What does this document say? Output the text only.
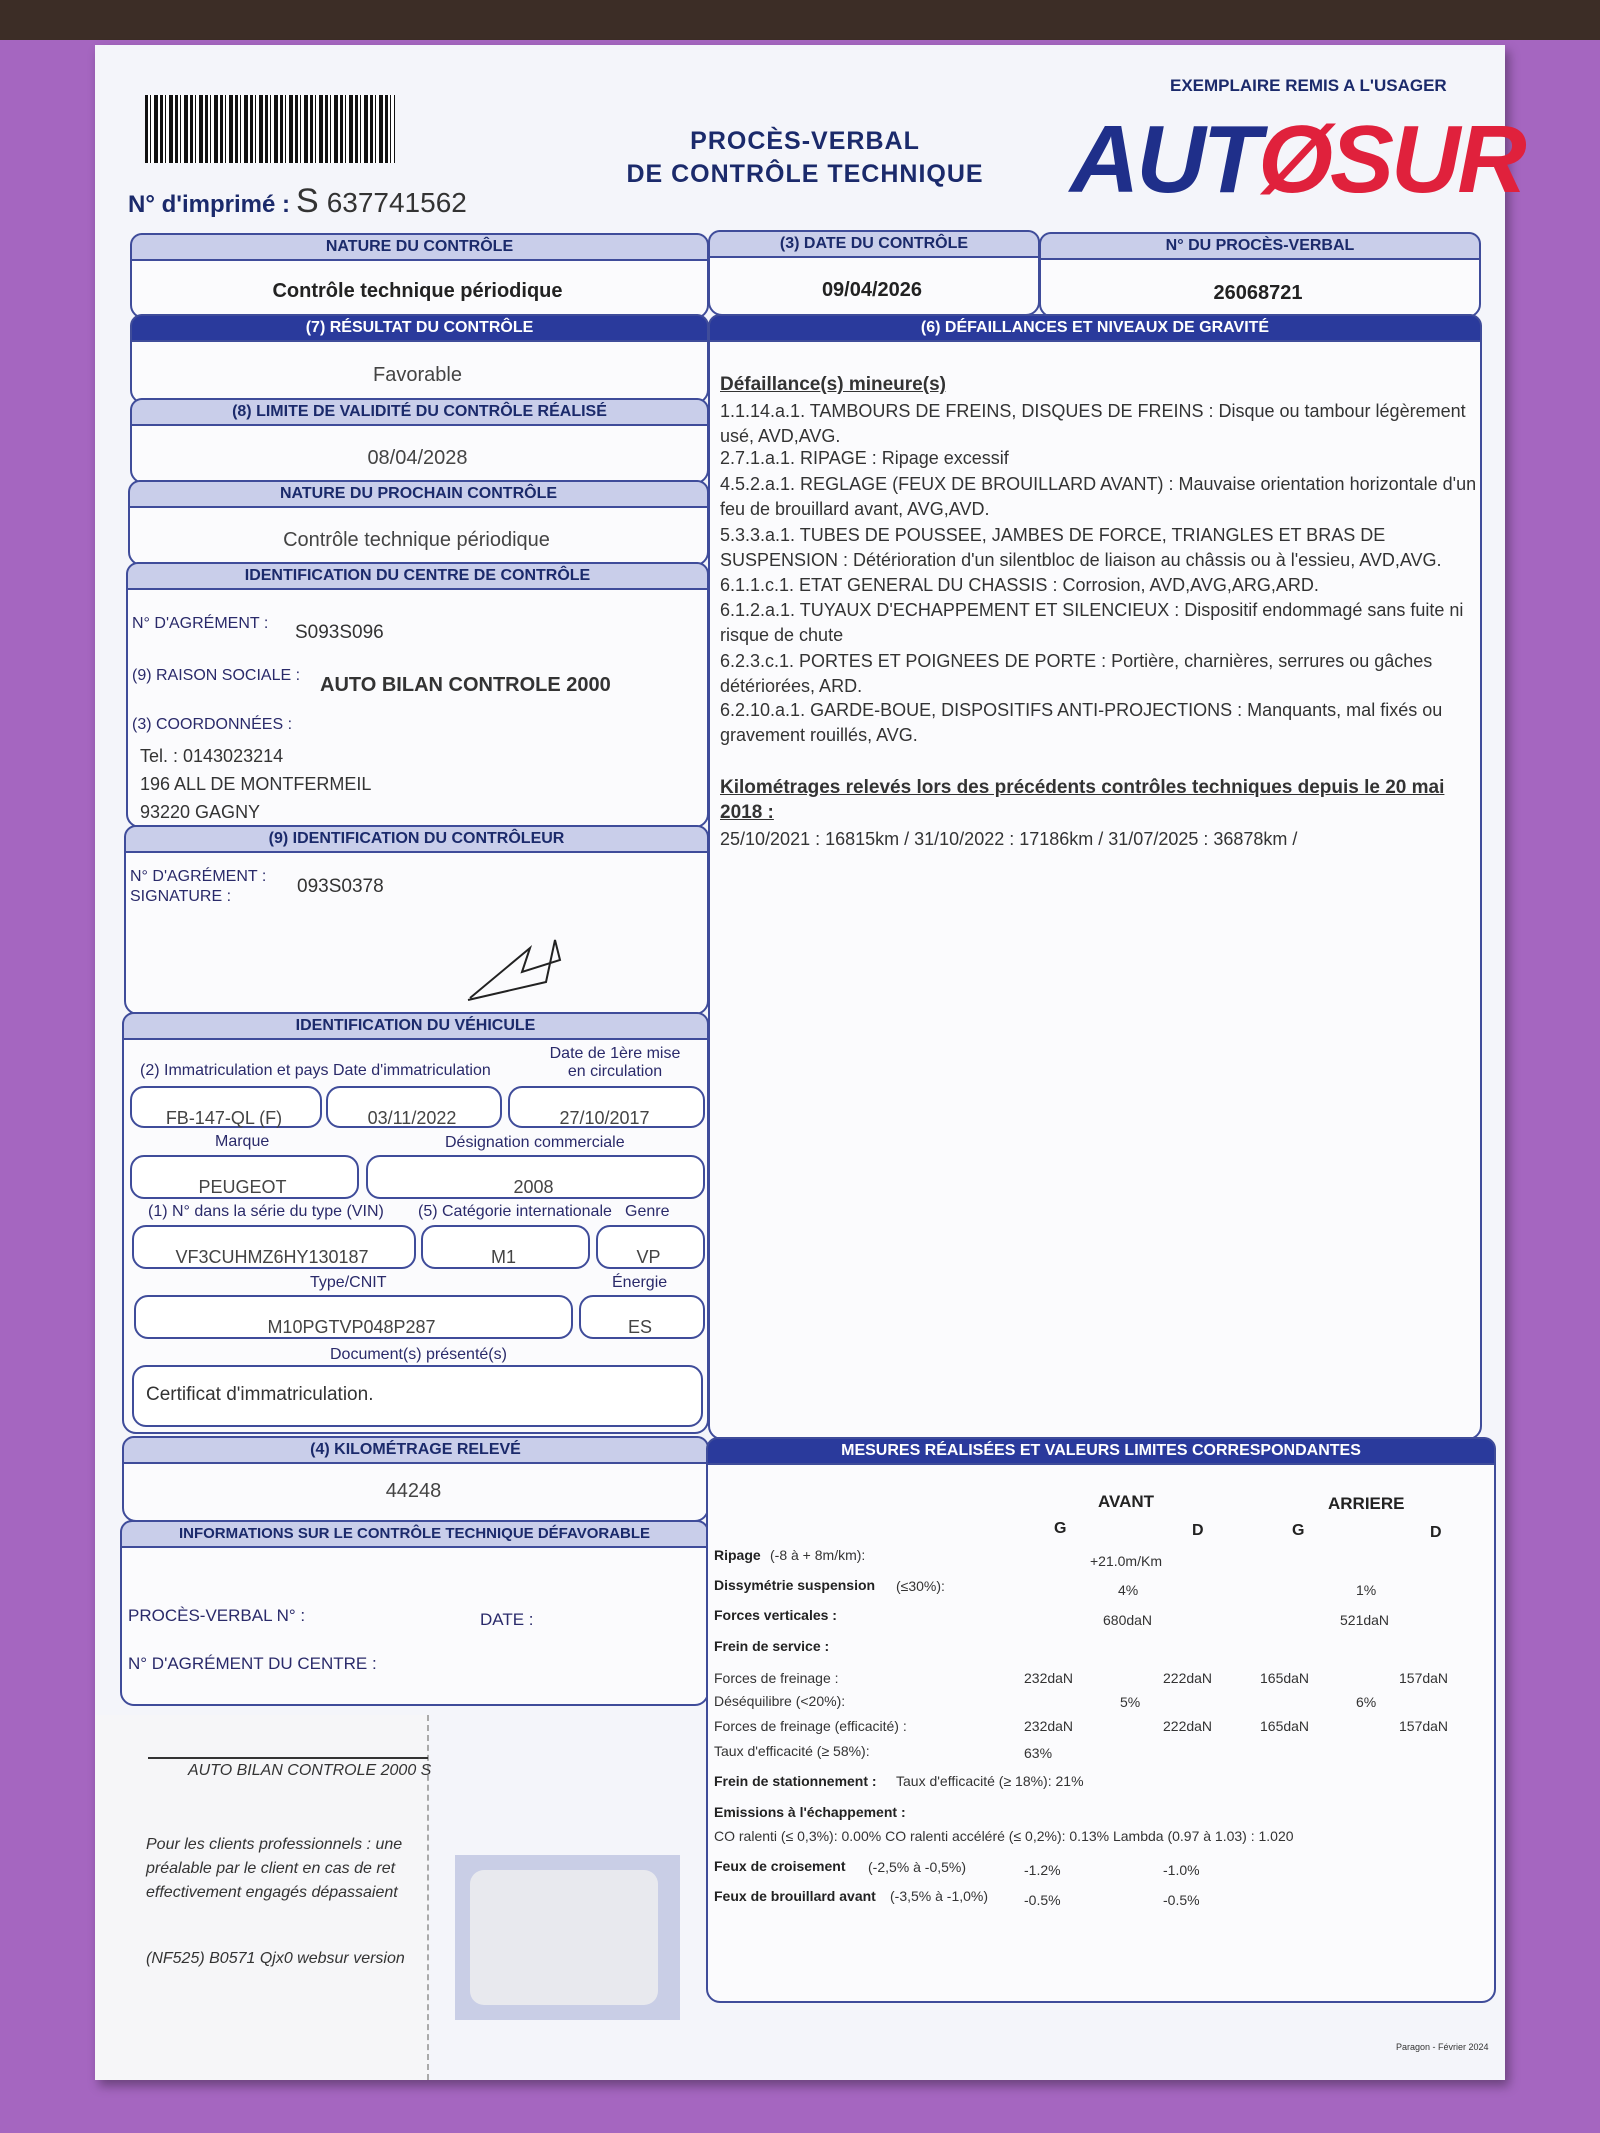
N° d'imprimé : S 637741562
PROCÈS-VERBAL
DE CONTRÔLE TECHNIQUE
EXEMPLAIRE REMIS A L'USAGER
AUTØSUR
NATURE DU CONTRÔLE
Contrôle technique périodique
(3) DATE DU CONTRÔLE
09/04/2026
N° DU PROCÈS-VERBAL
26068721
(7) RÉSULTAT DU CONTRÔLE
Favorable
(8) LIMITE DE VALIDITÉ DU CONTRÔLE RÉALISÉ
08/04/2028
NATURE DU PROCHAIN CONTRÔLE
Contrôle technique périodique
IDENTIFICATION DU CENTRE DE CONTRÔLE
N° D'AGRÉMENT : S093S096
(9) RAISON SOCIALE : AUTO BILAN CONTROLE 2000
(3) COORDONNÉES :
Tel. : 0143023214
196 ALL DE MONTFERMEIL
93220 GAGNY
(9) IDENTIFICATION DU CONTRÔLEUR
N° D'AGRÉMENT :
SIGNATURE :	093S0378
IDENTIFICATION DU VÉHICULE
(2) Immatriculation et pays Date d'immatriculation
Date de 1ère mise
en circulation
FB-147-QL (F)	03/11/2022	27/10/2017
Marque	Désignation commerciale
PEUGEOT	2008
(1) N° dans la série du type (VIN) (5) Catégorie internationale Genre
VF3CUHMZ6HY130187	M1	VP
Type/CNIT	Énergie
M10PGTVP048P287	ES
Document(s) présenté(s)
Certificat d'immatriculation.
(4) KILOMÉTRAGE RELEVÉ
44248
INFORMATIONS SUR LE CONTRÔLE TECHNIQUE DÉFAVORABLE
PROCÈS-VERBAL N° :	DATE :
N° D'AGRÉMENT DU CENTRE :
AUTO BILAN CONTROLE 2000 S
Pour les clients professionnels : une
préalable par le client en cas de ret
effectivement engagés dépassaient
(NF525) B0571 Qjx0 websur version
(6) DÉFAILLANCES ET NIVEAUX DE GRAVITÉ
Défaillance(s) mineure(s)
1.1.14.a.1. TAMBOURS DE FREINS, DISQUES DE FREINS : Disque ou tambour légèrement usé, AVD,AVG.
2.7.1.a.1. RIPAGE : Ripage excessif
4.5.2.a.1. REGLAGE (FEUX DE BROUILLARD AVANT) : Mauvaise orientation horizontale d'un feu de brouillard avant, AVG,AVD.
5.3.3.a.1. TUBES DE POUSSEE, JAMBES DE FORCE, TRIANGLES ET BRAS DE SUSPENSION : Détérioration d'un silentbloc de liaison au châssis ou à l'essieu, AVD,AVG.
6.1.1.c.1. ETAT GENERAL DU CHASSIS : Corrosion, AVD,AVG,ARG,ARD.
6.1.2.a.1. TUYAUX D'ECHAPPEMENT ET SILENCIEUX : Dispositif endommagé sans fuite ni risque de chute
6.2.3.c.1. PORTES ET POIGNEES DE PORTE : Portière, charnières, serrures ou gâches détériorées, ARD.
6.2.10.a.1. GARDE-BOUE, DISPOSITIFS ANTI-PROJECTIONS : Manquants, mal fixés ou gravement rouillés, AVG.
Kilométrages relevés lors des précédents contrôles techniques depuis le 20 mai 2018 :
25/10/2021 : 16815km / 31/10/2022 : 17186km / 31/07/2025 : 36878km /
MESURES RÉALISÉES ET VALEURS LIMITES CORRESPONDANTES
AVANT	ARRIERE
G	D	G	D
Ripage (-8 à + 8m/km):	+21.0m/Km
Dissymétrie suspension (≤30%):	4%	1%
Forces verticales :	680daN	521daN
Frein de service :
Forces de freinage :	232daN	222daN	165daN	157daN
Déséquilibre (<20%):	5%	6%
Forces de freinage (efficacité) :	232daN	222daN	165daN	157daN
Taux d'efficacité (≥ 58%):	63%
Frein de stationnement : Taux d'efficacité (≥ 18%): 21%
Emissions à l'échappement :
CO ralenti (≤ 0,3%): 0.00% CO ralenti accéléré (≤ 0,2%): 0.13% Lambda (0.97 à 1.03) : 1.020
Feux de croisement (-2,5% à -0,5%)	-1.2%	-1.0%
Feux de brouillard avant (-3,5% à -1,0%)	-0.5%	-0.5%
Paragon - Février 2024
